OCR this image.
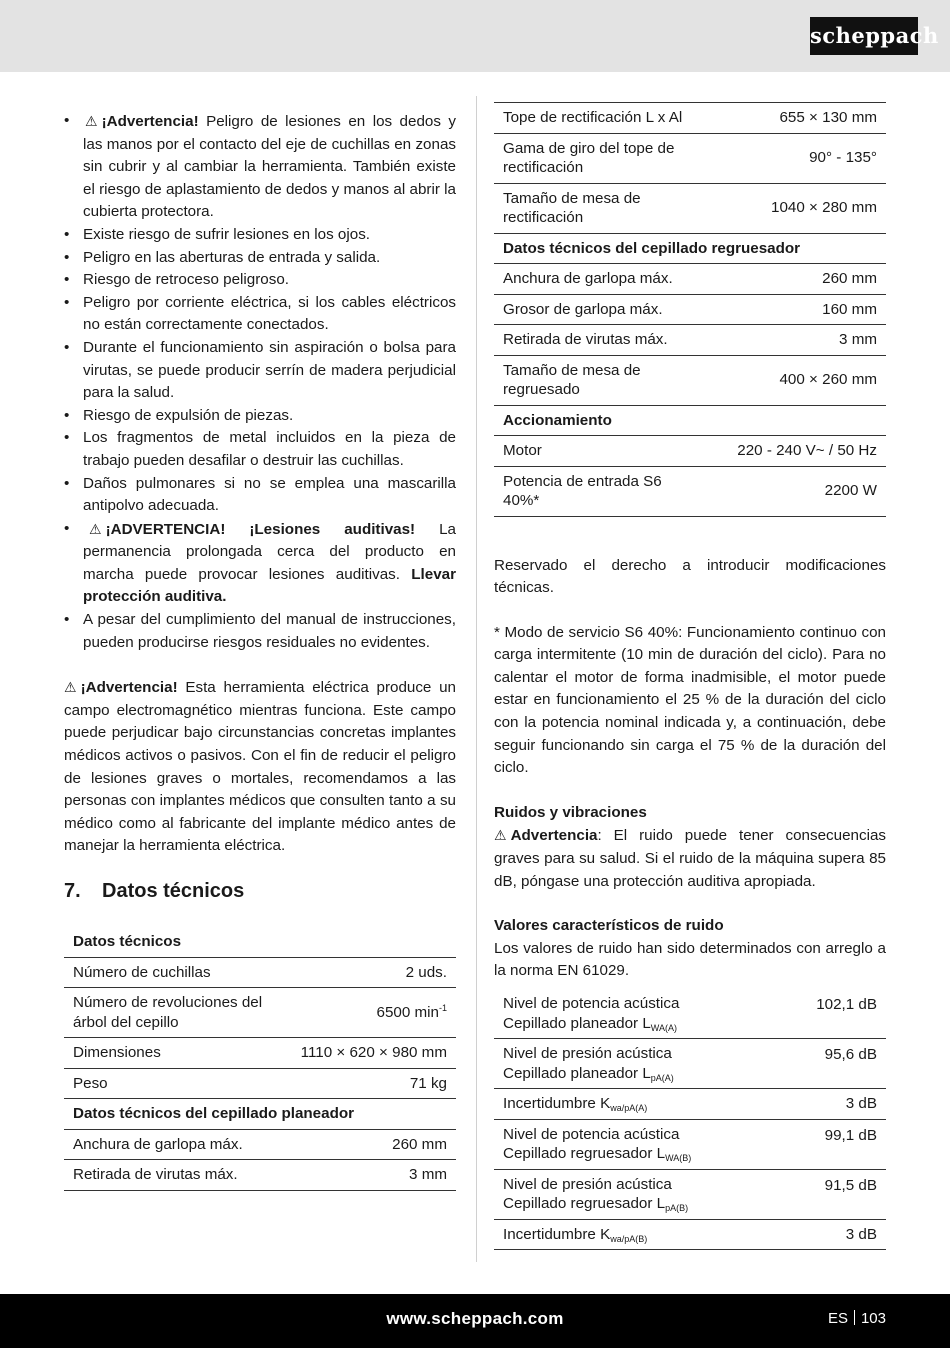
scheppach
• ⚠ ¡Advertencia! Peligro de lesiones en los dedos y las manos por el contacto del eje de cuchillas en zonas sin cubrir y al cambiar la herramienta. También existe el riesgo de aplastamiento de dedos y manos al abrir la cubierta protectora.
• Existe riesgo de sufrir lesiones en los ojos.
• Peligro en las aberturas de entrada y salida.
• Riesgo de retroceso peligroso.
• Peligro por corriente eléctrica, si los cables eléctricos no están correctamente conectados.
• Durante el funcionamiento sin aspiración o bolsa para virutas, se puede producir serrín de madera perjudicial para la salud.
• Riesgo de expulsión de piezas.
• Los fragmentos de metal incluidos en la pieza de trabajo pueden desafilar o destruir las cuchillas.
• Daños pulmonares si no se emplea una mascarilla antipolvo adecuada.
• ⚠ ¡ADVERTENCIA! ¡Lesiones auditivas! La permanencia prolongada cerca del producto en marcha puede provocar lesiones auditivas. Llevar protección auditiva.
• A pesar del cumplimiento del manual de instrucciones, pueden producirse riesgos residuales no evidentes.

⚠ ¡Advertencia! Esta herramienta eléctrica produce un campo electromagnético mientras funciona. Este campo puede perjudicar bajo circunstancias concretas implantes médicos activos o pasivos. Con el fin de reducir el peligro de lesiones graves o mortales, recomendamos a las personas con implantes médicos que consulten tanto a su médico como al fabricante del implante médico antes de manejar la herramienta eléctrica.

7. Datos técnicos
Datos técnicos	
Número de cuchillas	2 uds.
Número de revoluciones del árbol del cepillo	6500 $\min^{-1}$
Dimensiones	1110 × 620 × 980 mm
Peso	71 kg
Datos técnicos del cepillado planeador	
Anchura de garlopa máx.	260 mm
Retirada de virutas máx.	3 mm
Tope de rectificación L x Al	655 × 130 mm
Gama de giro del tope de rectificación	90° - 135°
Tamaño de mesa de rectificación	1040 × 280 mm
Datos técnicos del cepillado regruesador	
Anchura de garlopa máx.	260 mm
Grosor de garlopa máx.	160 mm
Retirada de virutas máx.	3 mm
Tamaño de mesa de regruesado	400 × 260 mm
Accionamiento	
Motor	220 - 240 V~ / 50 Hz
Potencia de entrada S6 40%*	2200 W

Reservado el derecho a introducir modificaciones técnicas.

* Modo de servicio S6 40%: Funcionamiento continuo con carga intermitente (10 min de duración del ciclo). Para no calentar el motor de forma inadmisible, el motor puede estar en funcionamiento el 25 % de la duración del ciclo con la potencia nominal indicada y, a continuación, debe seguir funcionando sin carga el 75 % de la duración del ciclo.

Ruidos y vibraciones

⚠ Advertencia: El ruido puede tener consecuencias graves para su salud. Si el ruido de la máquina supera 85 dB, póngase una protección auditiva apropiada.

Valores característicos de ruido

Los valores de ruido han sido determinados con arreglo a la norma EN 61029.

Nivel de potencia acústica
Cepillado planeador $L_{WA(A)}$	102,1 dB
Nivel de presión acústica
Cepillado planeador $L_{pA(A)}$	95,6 dB
Incertidumbre $K_{wa/pA(A)}$	3 dB
Nivel de potencia acústica
Cepillado regruesador $L_{WA(B)}$	99,1 dB
Nivel de presión acústica
Cepillado regruesador $L_{pA(B)}$	91,5 dB
Incertidumbre $K_{wa/pA(B)}$	3 dB
www.scheppach.com	ES 103
